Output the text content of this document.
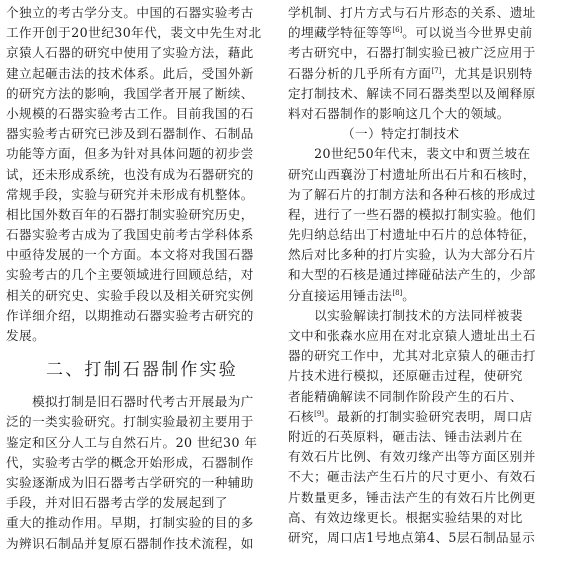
个独立的考古学分支。中国的石器实验考古
工作开创于20世纪30年代，裴文中先生对北
京猿人石器的研究中使用了实验方法，藉此
建立起砸击法的技术体系。此后，受国外新
的研究方法的影响，我国学者开展了断续、
小规模的石器实验考古工作。目前我国的石
器实验考古研究已涉及到石器制作、石制品
功能等方面，但多为针对具体问题的初步尝
试，还未形成系统，也没有成为石器研究的
常规手段，实验与研究并未形成有机整体。
相比国外数百年的石器打制实验研究历史，
石器实验考古成为了我国史前考古学科体系
中亟待发展的一个方面。本文将对我国石器
实验考古的几个主要领域进行回顾总结，对
相关的研究史、实验手段以及相关研究实例
作详细介绍，以期推动石器实验考古研究的
发展。
二、打制石器制作实验
　　模拟打制是旧石器时代考古开展最为广
泛的一类实验研究。打制实验最初主要用于
鉴定和区分人工与自然石片。20 世纪30 年
代，实验考古学的概念开始形成，石器制作
实验逐渐成为旧石器考古学研究的一种辅助
手段，并对旧石器考古学的发展起到了
重大的推动作用。早期，打制实验的目的多
为辨识石制品并复原石器制作技术流程，如
学机制、打片方式与石片形态的关系、遗址
的埋藏学特征等等[6]。可以说当今世界史前
考古研究中，石器打制实验已被广泛应用于
石器分析的几乎所有方面[7]，尤其是识别特
定打制技术、解读不同石器类型以及阐释原
料对石器制作的影响这几个大的领域。
（一）特定打制技术
　　20世纪50年代末，裴文中和贾兰坡在
研究山西襄汾丁村遗址所出石片和石核时，
为了解石片的打制方法和各种石核的形成过
程，进行了一些石器的模拟打制实验。他们
先归纳总结出丁村遗址中石片的总体特征，
然后对比多种的打片实验，认为大部分石片
和大型的石核是通过摔碰砧法产生的，少部
分直接运用锤击法[8]。
　　以实验解读打制技术的方法同样被裴
文中和张森水应用在对北京猿人遗址出土石
器的研究工作中，尤其对北京猿人的砸击打
片技术进行模拟，还原砸击过程，使研究
者能精确解读不同制作阶段产生的石片、
石核[9]。最新的打制实验研究表明，周口店
附近的石英原料，砸击法、锤击法剥片在
有效石片比例、有效刃缘产出等方面区别并
不大；砸击法产生石片的尺寸更小、有效石
片数量更多，锤击法产生的有效石片比例更
高、有效边缘更长。根据实验结果的对比
研究，周口店1号地点第4、5层石制品显示
